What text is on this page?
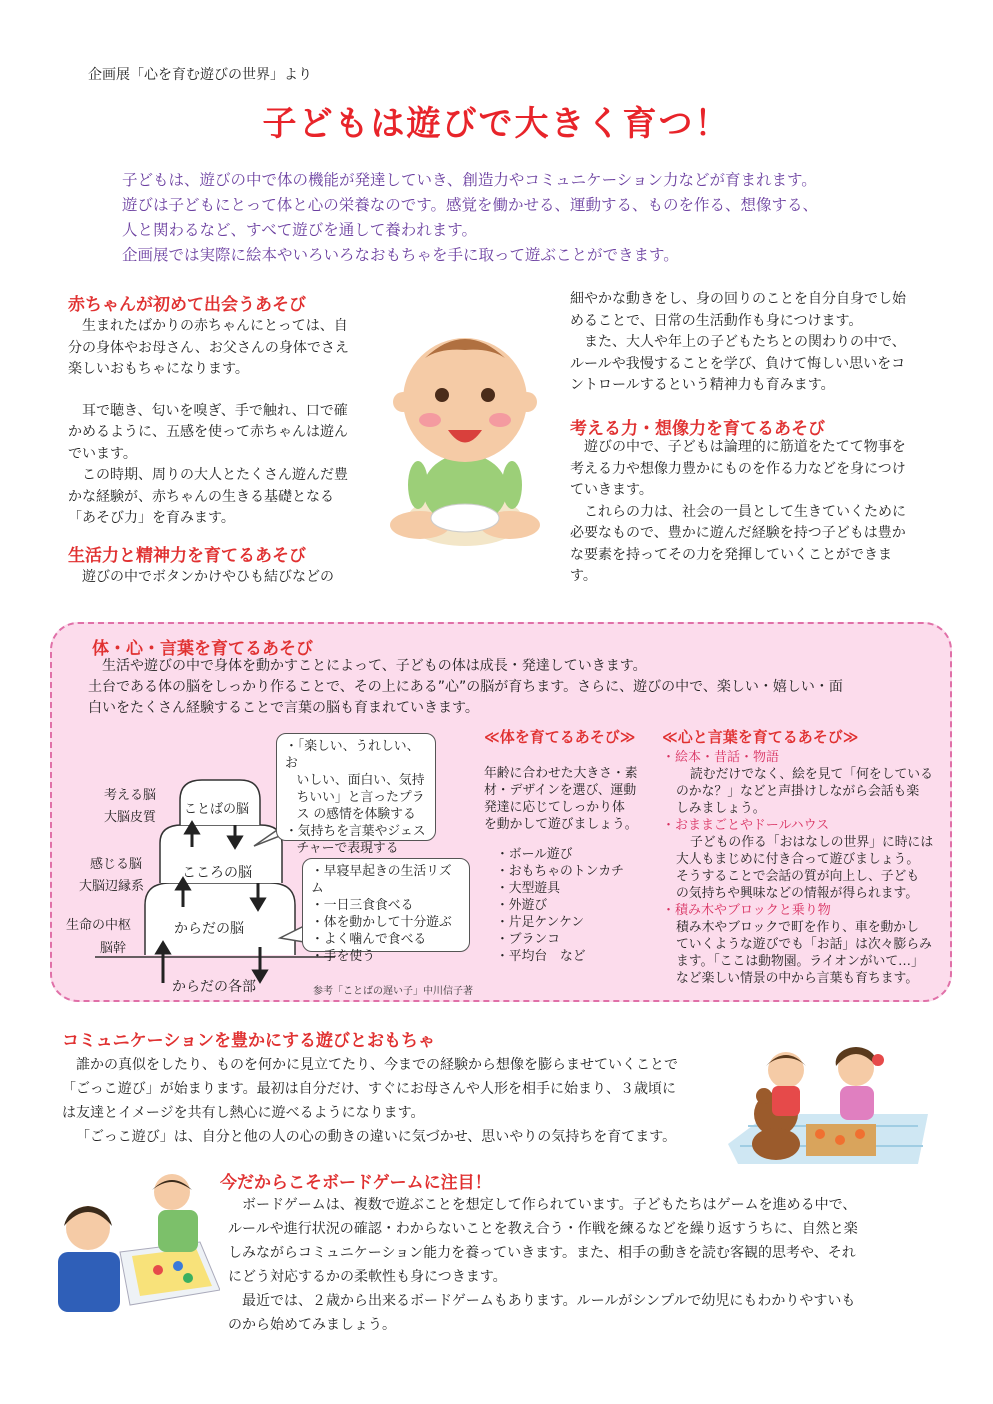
企画展「心を育む遊びの世界」より
子どもは遊びで大きく育つ！
子どもは、遊びの中で体の機能が発達していき、創造力やコミュニケーション力などが育まれます。
遊びは子どもにとって体と心の栄養なのです。感覚を働かせる、運動する、ものを作る、想像する、
人と関わるなど、すべて遊びを通して養われます。
企画展では実際に絵本やいろいろなおもちゃを手に取って遊ぶことができます。
赤ちゃんが初めて出会うあそび

生まれたばかりの赤ちゃんにとっては、自分の身体やお母さん、お父さんの身体でさえ楽しいおもちゃになります。

耳で聴き、匂いを嗅ぎ、手で触れ、口で確かめるように、五感を使って赤ちゃんは遊んでいます。

この時期、周りの大人とたくさん遊んだ豊かな経験が、赤ちゃんの生きる基礎となる「あそび力」を育みます。

生活力と精神力を育てるあそび
遊びの中でボタンかけやひも結びなどの

細やかな動きをし、身の回りのことを自分自身でし始めることで、日常の生活動作も身につけます。

また、大人や年上の子どもたちとの関わりの中で、ルールや我慢することを学び、負けて悔しい思いをコントロールするという精神力も育みます。

考える力・想像力を育てるあそび

遊びの中で、子どもは論理的に筋道をたてて物事を考える力や想像力豊かにものを作る力などを身につけていきます。

これらの力は、社会の一員として生きていくために必要なもので、豊かに遊んだ経験を持つ子どもは豊かな要素を持ってその力を発揮していくことができます。

体・心・言葉を育てるあそび
生活や遊びの中で身体を動かすことによって、子どもの体は成長・発達していきます。
土台である体の脳をしっかり作ることで、その上にある”心”の脳が育ちます。さらに、遊びの中で、楽しい・嬉しい・面
白いをたくさん経験することで言葉の脳も育まれていきます。
考える脳
大脳皮質
感じる脳
大脳辺縁系
生命の中枢
脳幹
ことばの脳
こころの脳
からだの脳
からだの各部
・「楽しい、うれしい、お
いしい、面白い、気持
ちいい」と言ったプラ
ス の感情を体験する
・気持ちを言葉やジェス
チャーで表現する
・早寝早起きの生活リズム
・一日三食食べる
・体を動かして十分遊ぶ
・よく噛んで食べる
・手を使う
参考「ことばの遅い子」中川信子著
≪体を育てるあそび≫
年齢に合わせた大きさ・素
材・デザインを選び、運動
発達に応じてしっかり体
を動かして遊びましょう。
・ボール遊び
・おもちゃのトンカチ
・大型遊具
・外遊び
・片足ケンケン
・ブランコ
・平均台　など
≪心と言葉を育てるあそび≫
・絵本・昔話・物語
読むだけでなく、絵を見て「何をしている
のかな？」などと声掛けしながら会話も楽
しみましょう。
・おままごとやドールハウス
子どもの作る「おはなしの世界」に時には
大人もまじめに付き合って遊びましょう。
そうすることで会話の質が向上し、子ども
の気持ちや興味などの情報が得られます。
・積み木やブロックと乗り物
積み木やブロックで町を作り、車を動かし
ていくような遊びでも「お話」は次々膨らみ
ます。「ここは動物園。ライオンがいて…」
など楽しい情景の中から言葉も育ちます。
コミュニケーションを豊かにする遊びとおもちゃ
誰かの真似をしたり、ものを何かに見立てたり、今までの経験から想像を膨らませていくことで
「ごっこ遊び」が始まります。最初は自分だけ、すぐにお母さんや人形を相手に始まり、３歳頃に
は友達とイメージを共有し熱心に遊べるようになります。
「ごっこ遊び」は、自分と他の人の心の動きの違いに気づかせ、思いやりの気持ちを育てます。
今だからこそボードゲームに注目！
ボードゲームは、複数で遊ぶことを想定して作られています。子どもたちはゲームを進める中で、
ルールや進行状況の確認・わからないことを教え合う・作戦を練るなどを繰り返すうちに、自然と楽
しみながらコミュニケーション能力を養っていきます。また、相手の動きを読む客観的思考や、それ
にどう対応するかの柔軟性も身につきます。
最近では、２歳から出来るボードゲームもあります。ルールがシンプルで幼児にもわかりやすいも
のから始めてみましょう。
